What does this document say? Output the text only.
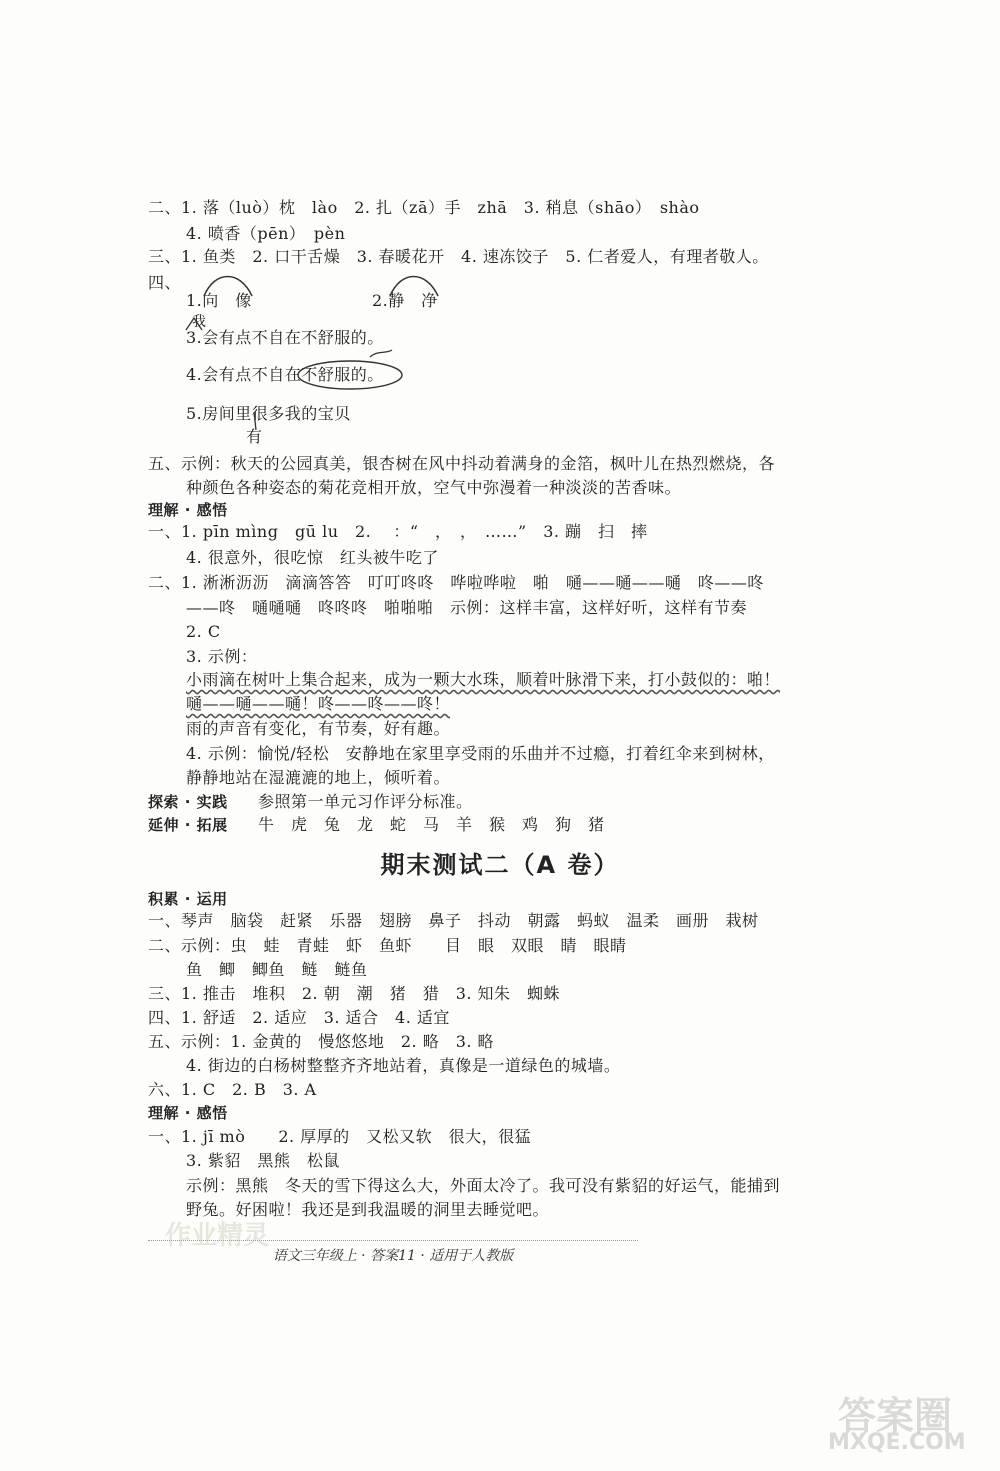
二、1. 落（luò）枕　lào　2. 扎（zā）手　zhā　3. 稍息（shāo）　shào
4. 喷香（pēn）　pèn
三、1. 鱼类　2. 口干舌燥　3. 春暖花开　4. 速冻饺子　5. 仁者爱人，有理者敬人。
四、
1.向　像	2.静　净
我
3.会有点不自在不舒服的。
4.会有点不自在不舒服的。
5.房间里很多我的宝贝
有
五、示例：秋天的公园真美，银杏树在风中抖动着满身的金箔，枫叶儿在热烈燃烧，各
种颜色各种姿态的菊花竞相开放，空气中弥漫着一种淡淡的苦香味。
理解 · 感悟
一、1. pīn mìng　gū lu　2. 　：“　，　，　……”　3. 蹦　扫　摔
4. 很意外，很吃惊　红头被牛吃了
二、1. 淅淅沥沥　滴滴答答　叮叮咚咚　哗啦哗啦　啪　嗵——嗵——嗵　咚——咚
——咚　嗵嗵嗵　咚咚咚　啪啪啪　示例：这样丰富，这样好听，这样有节奏
2. C
3. 示例：
小雨滴在树叶上集合起来，成为一颗大水珠，顺着叶脉滑下来，打小鼓似的：啪！
嗵——嗵——嗵！咚——咚——咚！
雨的声音有变化，有节奏，好有趣。
4. 示例：愉悦/轻松　安静地在家里享受雨的乐曲并不过瘾，打着红伞来到树林，
静静地站在湿漉漉的地上，倾听着。
探索 · 实践 参照第一单元习作评分标准。
延伸 · 拓展 牛　虎　兔　龙　蛇　马　羊　猴　鸡　狗　猪
期末测试二（A 卷）
积累 · 运用
一、琴声　脑袋　赶紧　乐器　翅膀　鼻子　抖动　朝露　蚂蚁　温柔　画册　栽树
二、示例：虫　蛙　青蛙　虾　鱼虾　　目　眼　双眼　睛　眼睛
鱼　鲫　鲫鱼　鲢　鲢鱼
三、1. 推击　堆积　2. 朝　潮　猪　猎　3. 知朱　蜘蛛
四、1. 舒适　2. 适应　3. 适合　4. 适宜
五、示例：1. 金黄的　慢悠悠地　2. 略　3. 略
4. 街边的白杨树整整齐齐地站着，真像是一道绿色的城墙。
六、1. C　2. B　3. A
理解 · 感悟
一、1. jī mò　　2. 厚厚的　又松又软　很大，很猛
3. 紫貂　黑熊　松鼠
示例：黑熊　冬天的雪下得这么大，外面太冷了。我可没有紫貂的好运气，能捕到
野兔。好困啦！我还是到我温暖的洞里去睡觉吧。
语文三年级上 · 答案11 · 适用于人教版
答案圈
MXQE.COM
作业精灵
